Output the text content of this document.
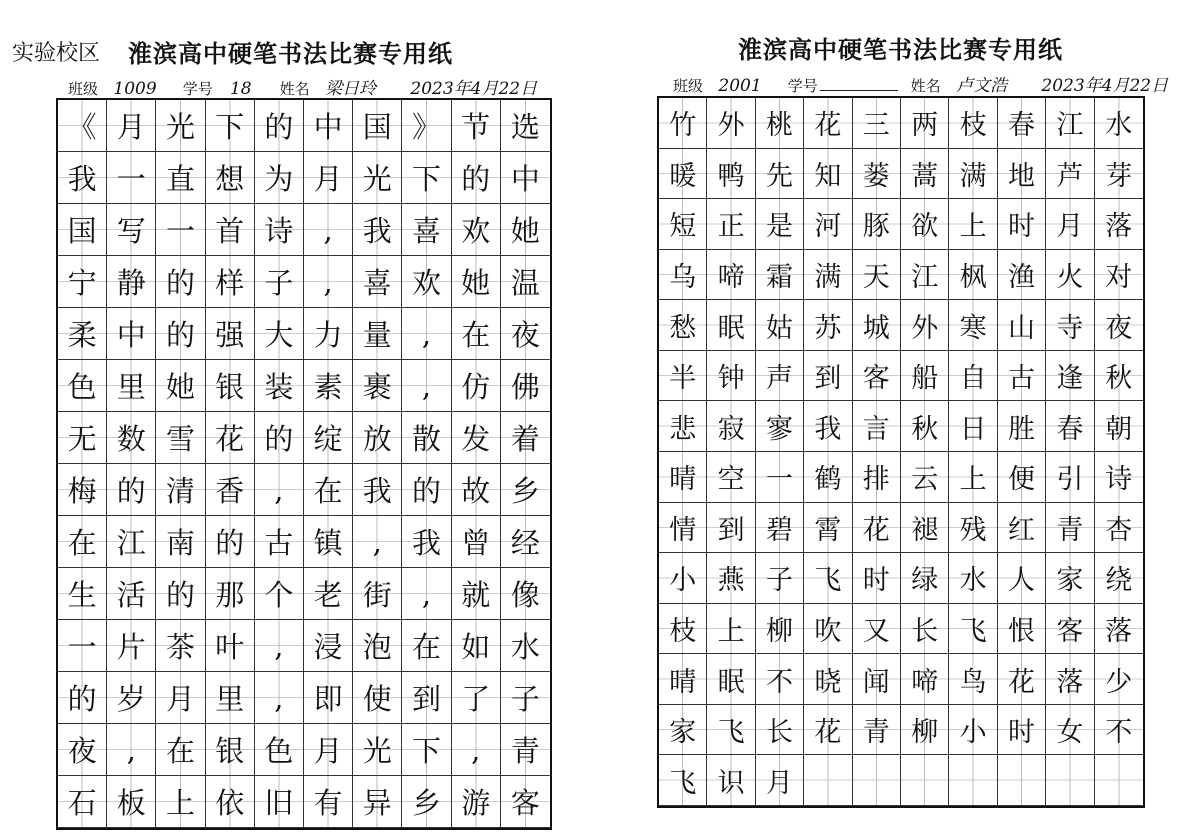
实验校区 淮滨高中硬笔书法比赛专用纸
班级 1009 学号 18 姓名 梁日玲 2023年4月22日
《 月 光 下 的 中 国 》 节 选
我 一 直 想 为 月 光 下 的 中
国 写 一 首 诗	,	我 喜 欢 她
宁 静 的 样 子	,	喜 欢 她 温
柔 中 的 强 大 力 量	,	在 夜
色 里 她 银 装 素 裹	,	仿 佛
无 数 雪 花 的 绽 放 散 发 着
梅 的 清 香	,	在 我 的 故 乡
在 江 南 的 古 镇	,	我 曾 经
生 活 的 那 个 老 街	,	就 像
一 片 茶 叶	,	浸 泡 在 如 水
的 岁 月 里	,	即 使 到 了 子
夜	,	在 银 色 月 光 下	,	青
石 板 上 依 旧 有 异 乡 游 客
淮滨高中硬笔书法比赛专用纸
班级 2001 学号	姓名 卢文浩 2023年4月22日
竹 外 桃 花 三 两 枝 春 江 水
暖 鸭 先 知 蒌 蒿 满 地 芦 芽
短 正 是 河 豚 欲 上 时 月 落
乌 啼 霜 满 天 江 枫 渔 火 对
愁 眠 姑 苏 城 外 寒 山 寺 夜
半 钟 声 到 客 船 自 古 逢 秋
悲 寂 寥 我 言 秋 日 胜 春 朝
晴 空 一 鹤 排 云 上 便 引 诗
情 到 碧 霄 花 褪 残 红 青 杏
小 燕 子 飞 时 绿 水 人 家 绕
枝 上 柳 吹 又 长 飞 恨 客 落
晴 眠 不 晓 闻 啼 鸟 花 落 少
家 飞 长 花 青 柳 小 时 女 不
飞 识 月
